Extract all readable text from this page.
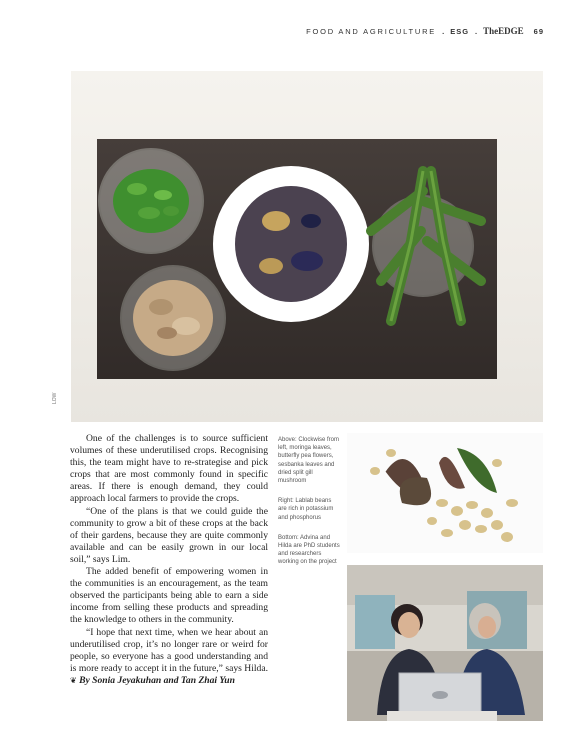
FOOD AND AGRICULTURE . ESG . TheEDGE 69
LOW

One of the challenges is to source sufficient volumes of these underutilised crops. Recognising this, the team might have to re-strategise and pick crops that are most commonly found in specific areas. If there is enough demand, they could approach local farmers to provide the crops.

“One of the plans is that we could guide the community to grow a bit of these crops at the back of their gardens, because they are quite commonly available and can be easily grown in our local soil,” says Lim.

The added benefit of empowering women in the communities is an encouragement, as the team observed the participants being able to earn a side income from selling these products and spreading the knowledge to others in the community.

“I hope that next time, when we hear about an underutilised crop, it’s no longer rare or weird for people, so everyone has a good understanding and is more ready to accept it in the future,” says Hilda. ❦ By Sonia Jeyakuhan and Tan Zhai Yun

Above: Clockwise from left, moringa leaves, butterfly pea flowers, sesbanka leaves and dried split gill mushroom

Right: Lablab beans are rich in potassium and phosphorus

Bottom: Advina and Hilda are PhD students and researchers working on the project
